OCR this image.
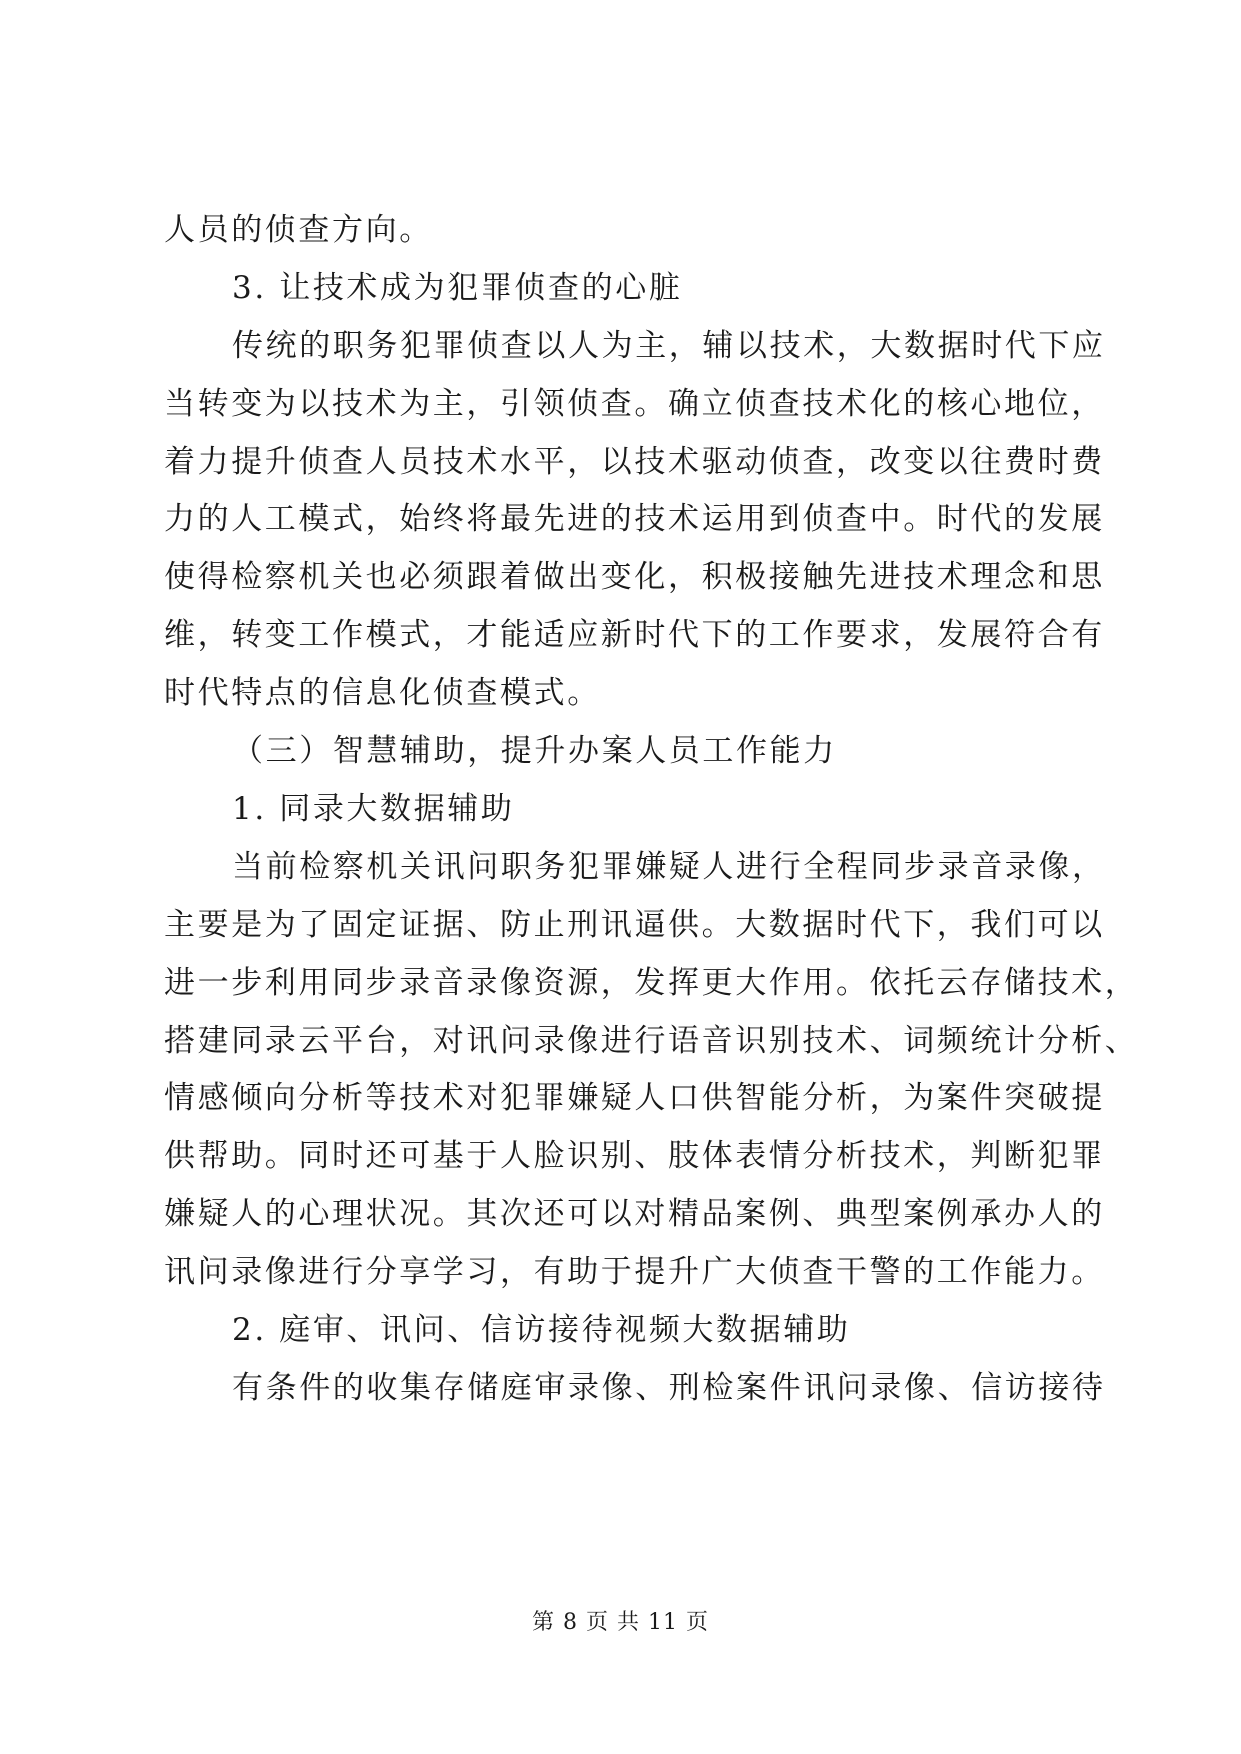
人员的侦查方向。
3. 让技术成为犯罪侦查的心脏
传统的职务犯罪侦查以人为主，辅以技术，大数据时代下应
当转变为以技术为主，引领侦查。确立侦查技术化的核心地位，
着力提升侦查人员技术水平，以技术驱动侦查，改变以往费时费
力的人工模式，始终将最先进的技术运用到侦查中。时代的发展
使得检察机关也必须跟着做出变化，积极接触先进技术理念和思
维，转变工作模式，才能适应新时代下的工作要求，发展符合有
时代特点的信息化侦查模式。
（三）智慧辅助，提升办案人员工作能力
1. 同录大数据辅助
当前检察机关讯问职务犯罪嫌疑人进行全程同步录音录像，
主要是为了固定证据、防止刑讯逼供。大数据时代下，我们可以
进一步利用同步录音录像资源，发挥更大作用。依托云存储技术，
搭建同录云平台，对讯问录像进行语音识别技术、词频统计分析、
情感倾向分析等技术对犯罪嫌疑人口供智能分析，为案件突破提
供帮助。同时还可基于人脸识别、肢体表情分析技术，判断犯罪
嫌疑人的心理状况。其次还可以对精品案例、典型案例承办人的
讯问录像进行分享学习，有助于提升广大侦查干警的工作能力。
2. 庭审、讯问、信访接待视频大数据辅助
有条件的收集存储庭审录像、刑检案件讯问录像、信访接待
第 8 页 共 11 页
